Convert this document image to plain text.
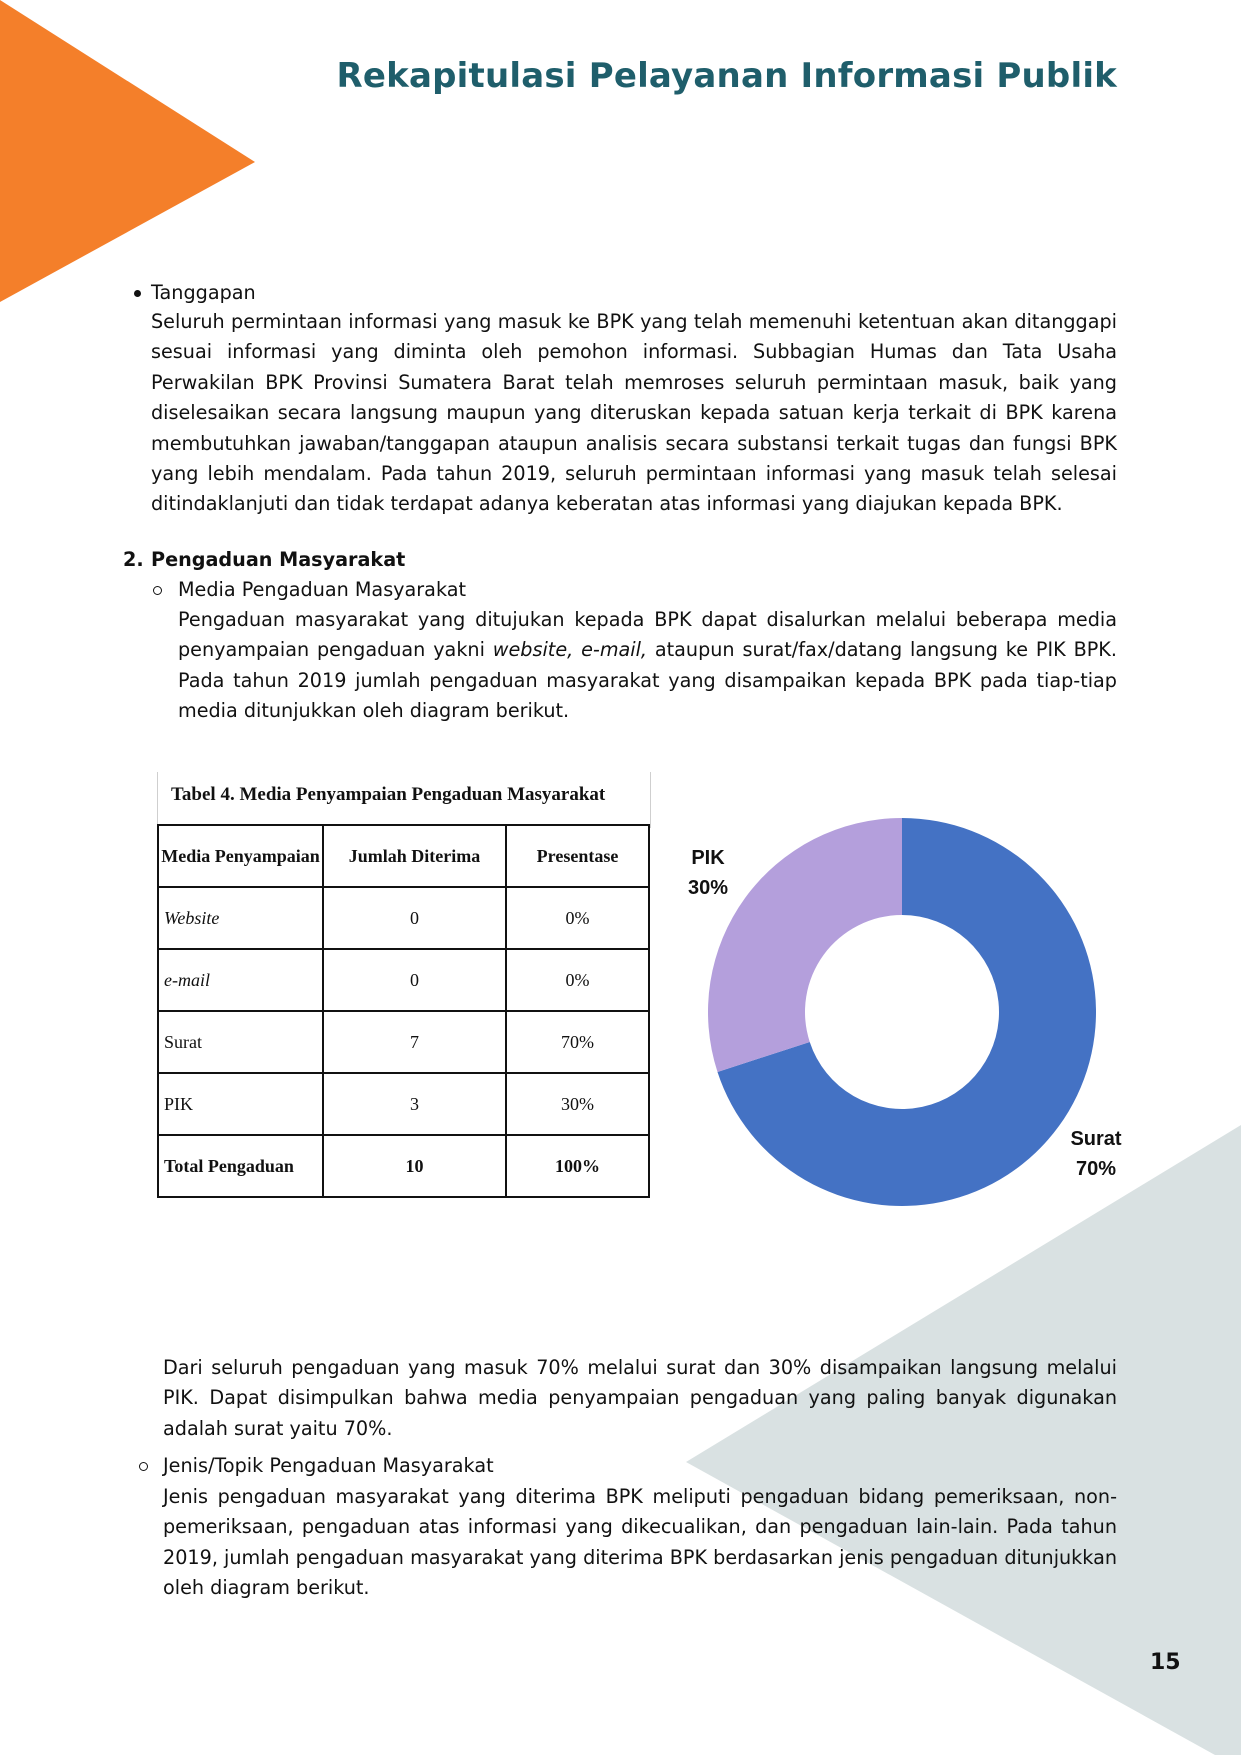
Rekapitulasi Pelayanan Informasi Publik
Tanggapan
Seluruh permintaan informasi yang masuk ke BPK yang telah memenuhi ketentuan akan ditanggapi sesuai informasi yang diminta oleh pemohon informasi. Subbagian Humas dan Tata Usaha Perwakilan BPK Provinsi Sumatera Barat telah memroses seluruh permintaan masuk, baik yang diselesaikan secara langsung maupun yang diteruskan kepada satuan kerja terkait di BPK karena membutuhkan jawaban/tanggapan ataupun analisis secara substansi terkait tugas dan fungsi BPK yang lebih mendalam. Pada tahun 2019, seluruh permintaan informasi yang masuk telah selesai ditindaklanjuti dan tidak terdapat adanya keberatan atas informasi yang diajukan kepada BPK.
2. Pengaduan Masyarakat
Media Pengaduan Masyarakat
Pengaduan masyarakat yang ditujukan kepada BPK dapat disalurkan melalui beberapa media penyampaian pengaduan yakni website, e-mail, ataupun surat/fax/datang langsung ke PIK BPK. Pada tahun 2019 jumlah pengaduan masyarakat yang disampaikan kepada BPK pada tiap-tiap media ditunjukkan oleh diagram berikut.
Tabel 4. Media Penyampaian Pengaduan Masyarakat
Media Penyampaian	Jumlah Diterima	Presentase
Website	0	0%
e-mail	0	0%
Surat	7	70%
PIK	3	30%
Total Pengaduan	10	100%
Surat 70%
PIK 30%
Dari seluruh pengaduan yang masuk 70% melalui surat dan 30% disampaikan langsung melalui PIK. Dapat disimpulkan bahwa media penyampaian pengaduan yang paling banyak digunakan adalah surat yaitu 70%.
Jenis/Topik Pengaduan Masyarakat
Jenis pengaduan masyarakat yang diterima BPK meliputi pengaduan bidang pemeriksaan, non-pemeriksaan, pengaduan atas informasi yang dikecualikan, dan pengaduan lain-lain. Pada tahun 2019, jumlah pengaduan masyarakat yang diterima BPK berdasarkan jenis pengaduan ditunjukkan oleh diagram berikut.
15
